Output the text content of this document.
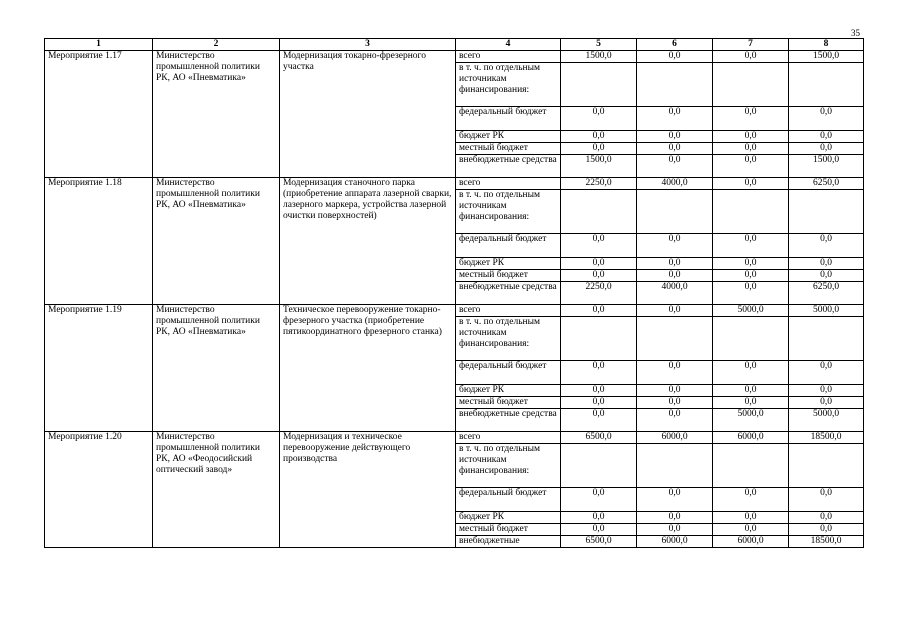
35
1	2	3	4	5	6	7	8
Мероприятие 1.17	Министерство промышленной политики РК, АО «Пневматика»	Модернизация токарно-фрезерного участка	всего	1500,0	0,0	0,0	1500,0

			в т. ч. по отдельным источникам финансирования:				

			федеральный бюджет	0,0	0,0	0,0	0,0

			бюджет РК	0,0	0,0	0,0	0,0

			местный бюджет	0,0	0,0	0,0	0,0

			внебюджетные средства	1500,0	0,0	0,0	1500,0
Мероприятие 1.18	Министерство промышленной политики РК, АО «Пневматика»	Модернизация станочного парка (приобретение аппарата лазерной сварки, лазерного маркера, устройства лазерной очистки поверхностей)	всего	2250,0	4000,0	0,0	6250,0

			в т. ч. по отдельным источникам финансирования:				

			федеральный бюджет	0,0	0,0	0,0	0,0

			бюджет РК	0,0	0,0	0,0	0,0

			местный бюджет	0,0	0,0	0,0	0,0

			внебюджетные средства	2250,0	4000,0	0,0	6250,0
Мероприятие 1.19	Министерство промышленной политики РК, АО «Пневматика»	Техническое перевооружение токарно-фрезерного участка (приобретение пятикоординатного фрезерного станка)	всего	0,0	0,0	5000,0	5000,0

			в т. ч. по отдельным источникам финансирования:				

			федеральный бюджет	0,0	0,0	0,0	0,0

			бюджет РК	0,0	0,0	0,0	0,0

			местный бюджет	0,0	0,0	0,0	0,0

			внебюджетные средства	0,0	0,0	5000,0	5000,0
Мероприятие 1.20	Министерство промышленной политики РК, АО «Феодосийский оптический завод»	Модернизация и техническое перевооружение действующего производства	всего	6500,0	6000,0	6000,0	18500,0

			в т. ч. по отдельным источникам финансирования:				

			федеральный бюджет	0,0	0,0	0,0	0,0

			бюджет РК	0,0	0,0	0,0	0,0

			местный бюджет	0,0	0,0	0,0	0,0

			внебюджетные	6500,0	6000,0	6000,0	18500,0
